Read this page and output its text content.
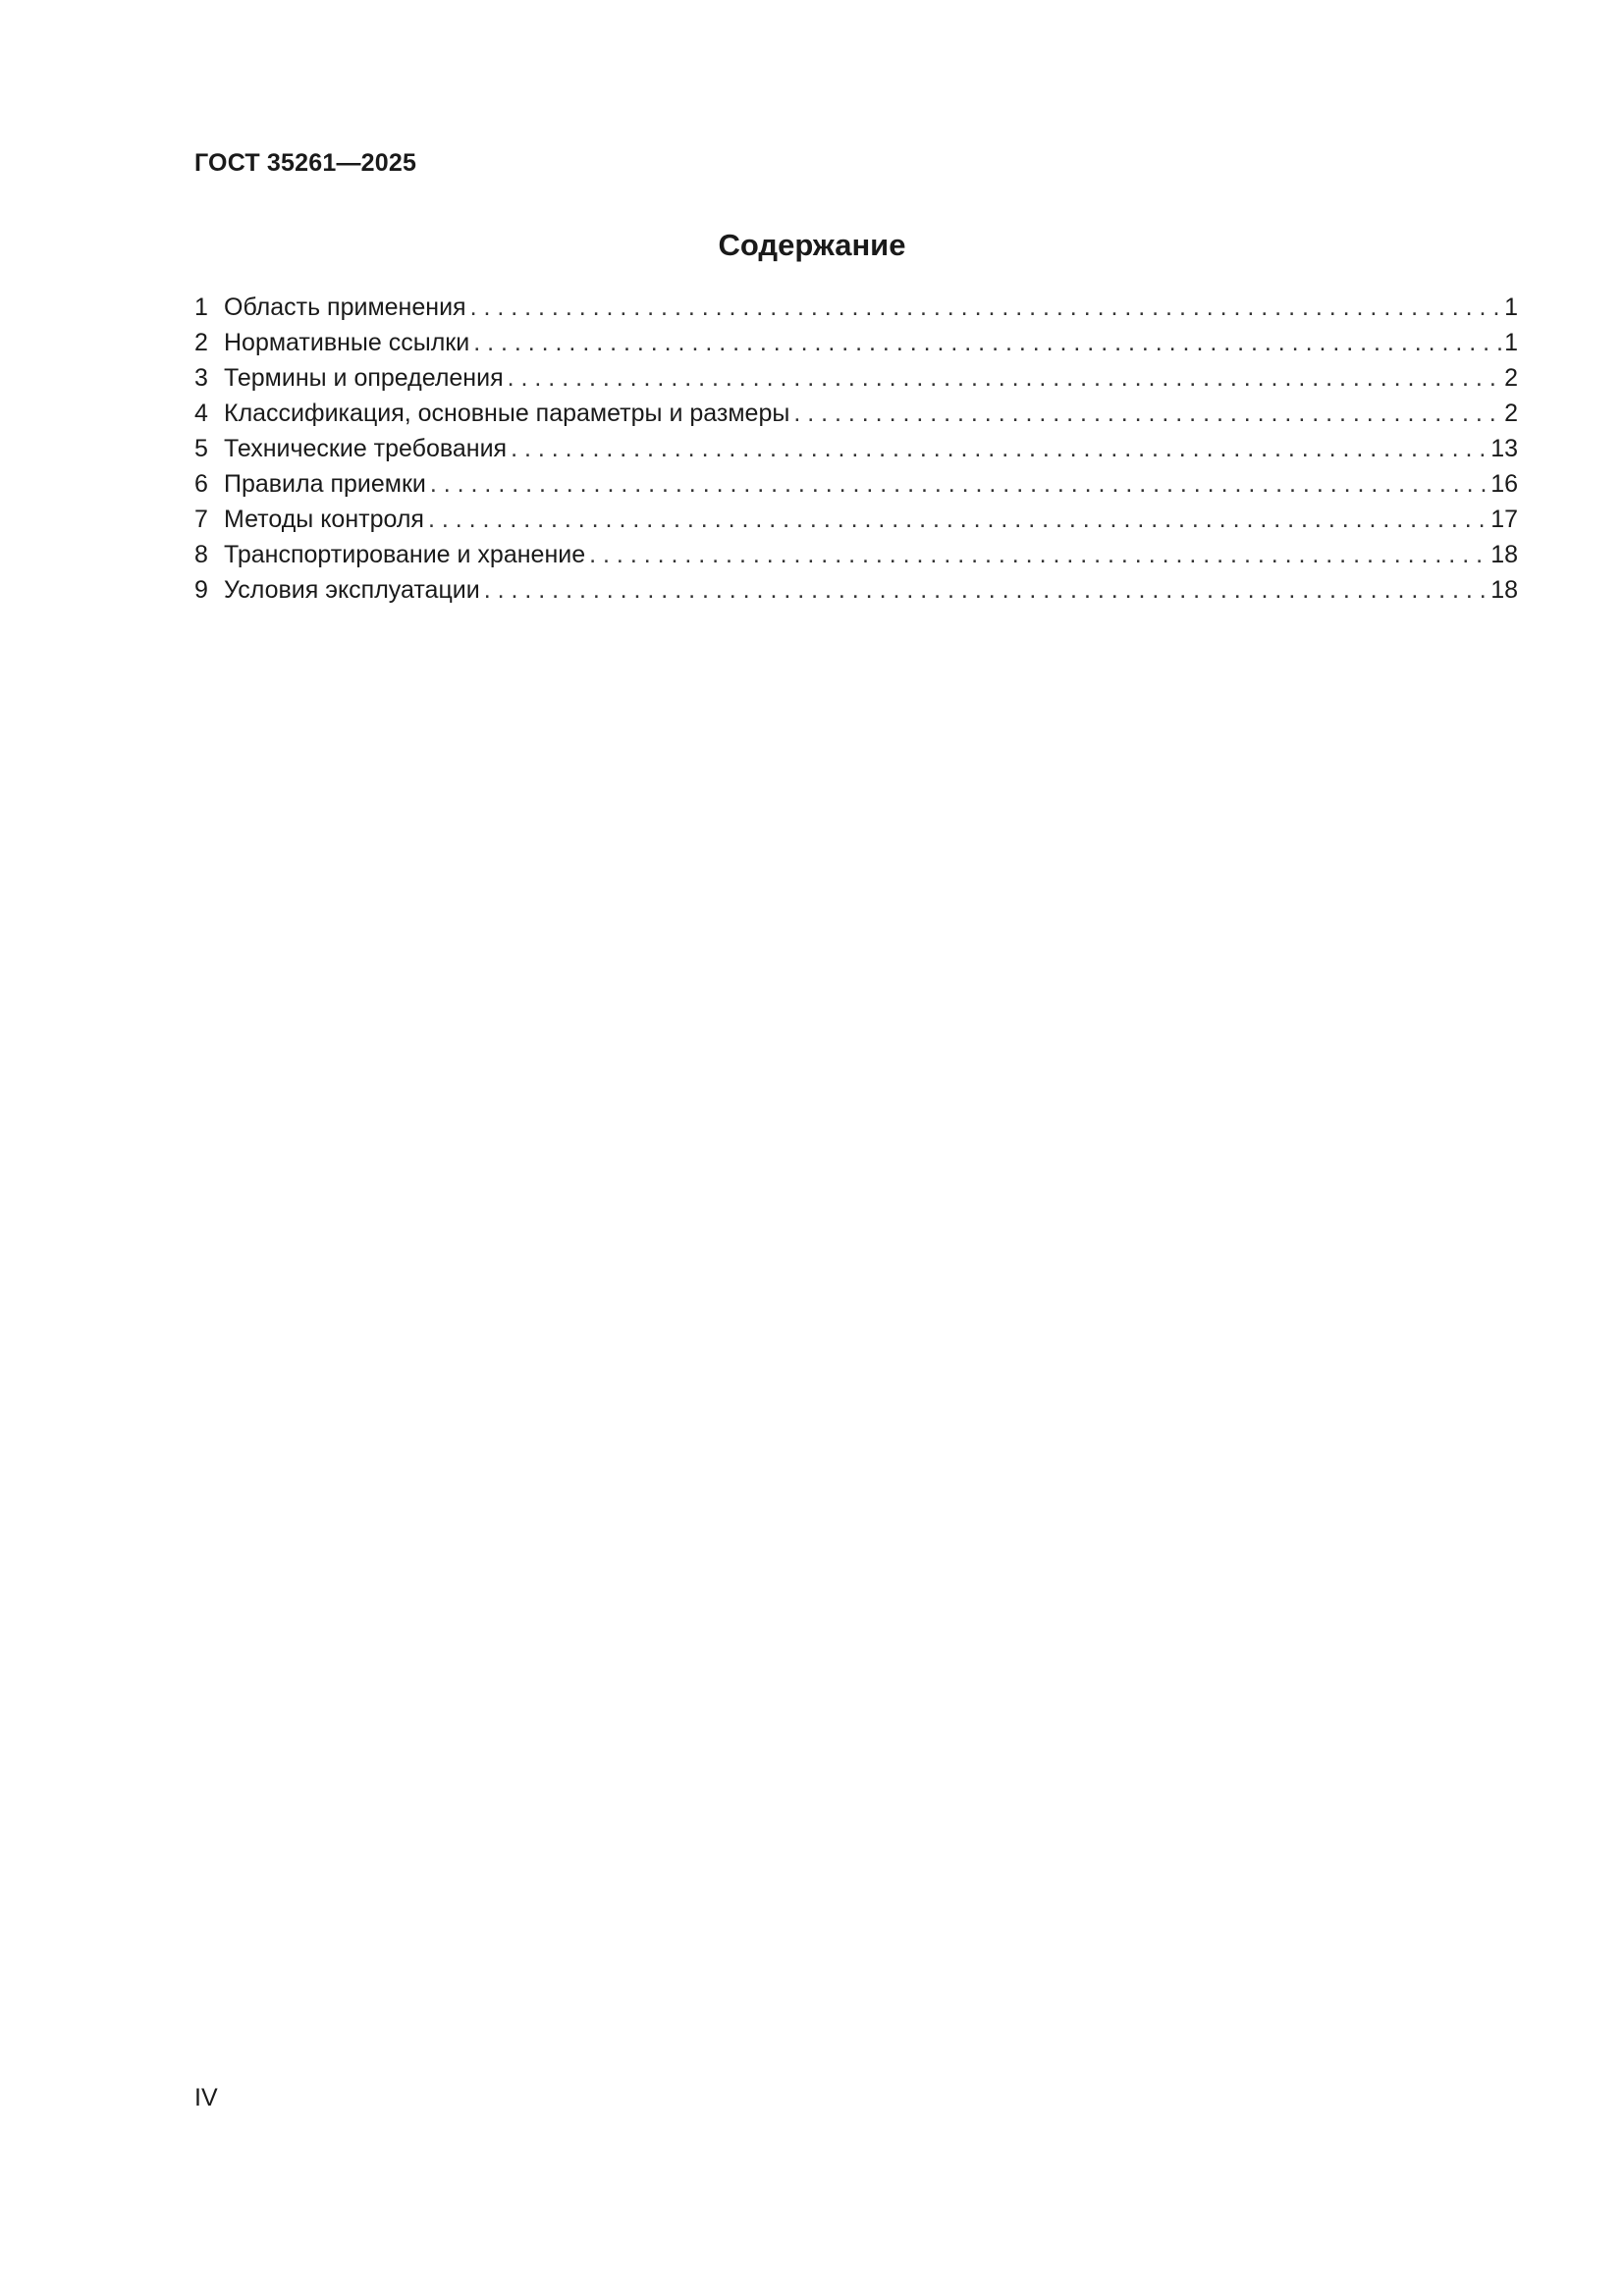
ГОСТ 35261—2025
Содержание
1 Область применения . . .	1
2 Нормативные ссылки . . .	1
3 Термины и определения . . .	2
4 Классификация, основные параметры и размеры . . .	2
5 Технические требования . . .	13
6 Правила приемки . . .	16
7 Методы контроля . . .	17
8 Транспортирование и хранение . . .	18
9 Условия эксплуатации . . .	18
IV
